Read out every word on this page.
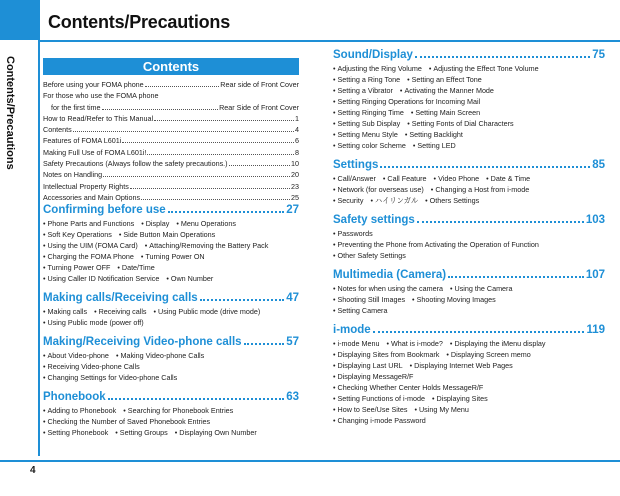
Contents/Precautions
Contents/Precautions	Contents
Before using your FOMA phone	Rear side of Front Cover
For those who use the FOMA phone
for the first time	Rear Side of Front Cover
How to Read/Refer to This Manual	1
Contents	4
Features of FOMA L601i	6
Making Full Use of FOMA L601i!	8
Safety Precautions (Always follow the safety precautions.)	10
Notes on Handling	20
Intellectual Property Rights	23
Accessories and Main Options	25
Confirming before use	27
• Phone Parts and Functions • Display • Menu Operations
• Soft Key Operations • Side Button Main Operations
• Using the UIM (FOMA Card) • Attaching/Removing the Battery Pack
• Charging the FOMA Phone • Turning Power ON
• Turning Power OFF • Date/Time
• Using Caller ID Notification Service • Own Number
Making calls/Receiving calls	47
• Making calls • Receiving calls • Using Public mode (drive mode)
• Using Public mode (power off)
Making/Receiving Video-phone calls	57
• About Video-phone • Making Video-phone Calls
• Receiving Video-phone Calls
• Changing Settings for Video-phone Calls
Phonebook	63
• Adding to Phonebook • Searching for Phonebook Entries
• Checking the Number of Saved Phonebook Entries
• Setting Phonebook • Setting Groups • Displaying Own Number
Sound/Display	75
• Adjusting the Ring Volume • Adjusting the Effect Tone Volume
• Setting a Ring Tone • Setting an Effect Tone
• Setting a Vibrator • Activating the Manner Mode
• Setting Ringing Operations for Incoming Mail
• Setting Ringing Time • Setting Main Screen
• Setting Sub Display • Setting Fonts of Dial Characters
• Setting Menu Style • Setting Backlight
• Setting color Scheme • Setting LED
Settings	85
• Call/Answer • Call Feature • Video Phone • Date & Time
• Network (for overseas use) • Changing a Host from i-mode
• Security • ハイリンガル • Others Settings
Safety settings	103
• Passwords
• Preventing the Phone from Activating the Operation of Function
• Other Safety Settings
Multimedia (Camera)	107
• Notes for when using the camera • Using the Camera
• Shooting Still Images • Shooting Moving Images
• Setting Camera
i-mode	119
• i-mode Menu • What is i-mode? • Displaying the iMenu display
• Displaying Sites from Bookmark • Displaying Screen memo
• Displaying Last URL • Displaying Internet Web Pages
• Displaying MessageR/F
• Checking Whether Center Holds MessageR/F
• Setting Functions of i-mode • Displaying Sites
• How to See/Use Sites • Using My Menu
• Changing i-mode Password
4
